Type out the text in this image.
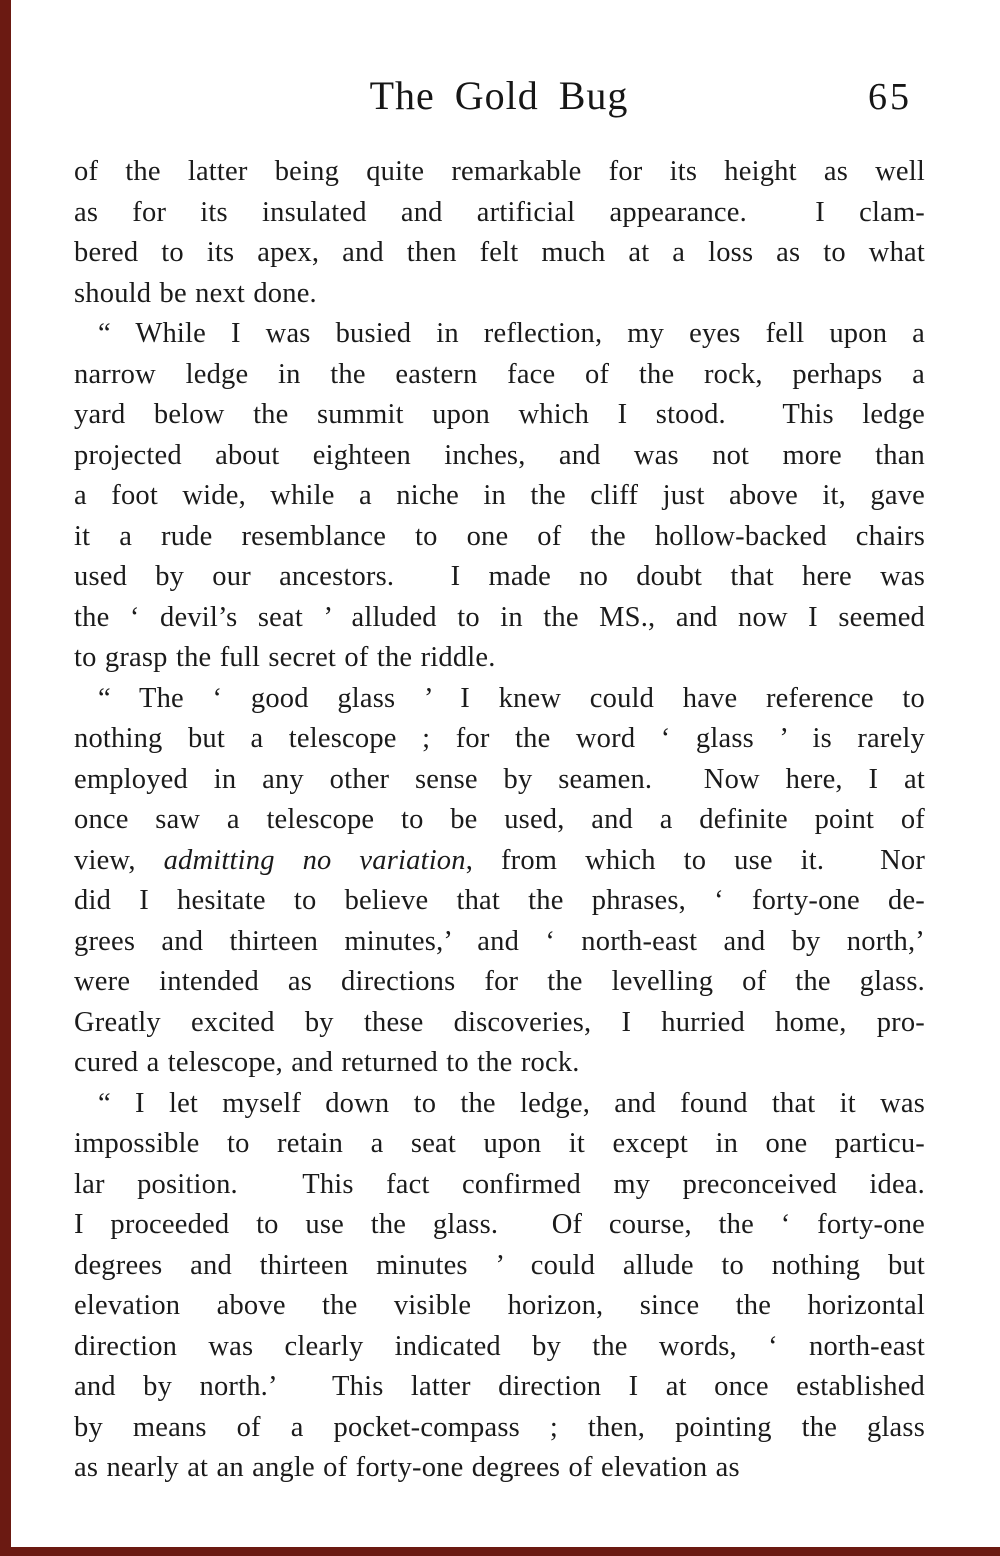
The Gold Bug	65
of the latter being quite remarkable for its height as well
as for its insulated and artificial appearance.  I clam-
bered to its apex, and then felt much at a loss as to what
should be next done.
“ While I was busied in reflection, my eyes fell upon a
narrow ledge in the eastern face of the rock, perhaps a
yard below the summit upon which I stood.  This ledge
projected about eighteen inches, and was not more than
a foot wide, while a niche in the cliff just above it, gave
it a rude resemblance to one of the hollow-backed chairs
used by our ancestors.  I made no doubt that here was
the ‘ devil’s seat ’ alluded to in the MS., and now I seemed
to grasp the full secret of the riddle.
“ The ‘ good glass ’ I knew could have reference to
nothing but a telescope ; for the word ‘ glass ’ is rarely
employed in any other sense by seamen.  Now here, I at
once saw a telescope to be used, and a definite point of
view, admitting no variation, from which to use it.  Nor
did I hesitate to believe that the phrases, ‘ forty-one de-
grees and thirteen minutes,’ and ‘ north-east and by north,’
were intended as directions for the levelling of the glass.
Greatly excited by these discoveries, I hurried home, pro-
cured a telescope, and returned to the rock.
“ I let myself down to the ledge, and found that it was
impossible to retain a seat upon it except in one particu-
lar position.  This fact confirmed my preconceived idea.
I proceeded to use the glass.  Of course, the ‘ forty-one
degrees and thirteen minutes ’ could allude to nothing but
elevation above the visible horizon, since the horizontal
direction was clearly indicated by the words, ‘ north-east
and by north.’  This latter direction I at once established
by means of a pocket-compass ; then, pointing the glass
as nearly at an angle of forty-one degrees of elevation as
